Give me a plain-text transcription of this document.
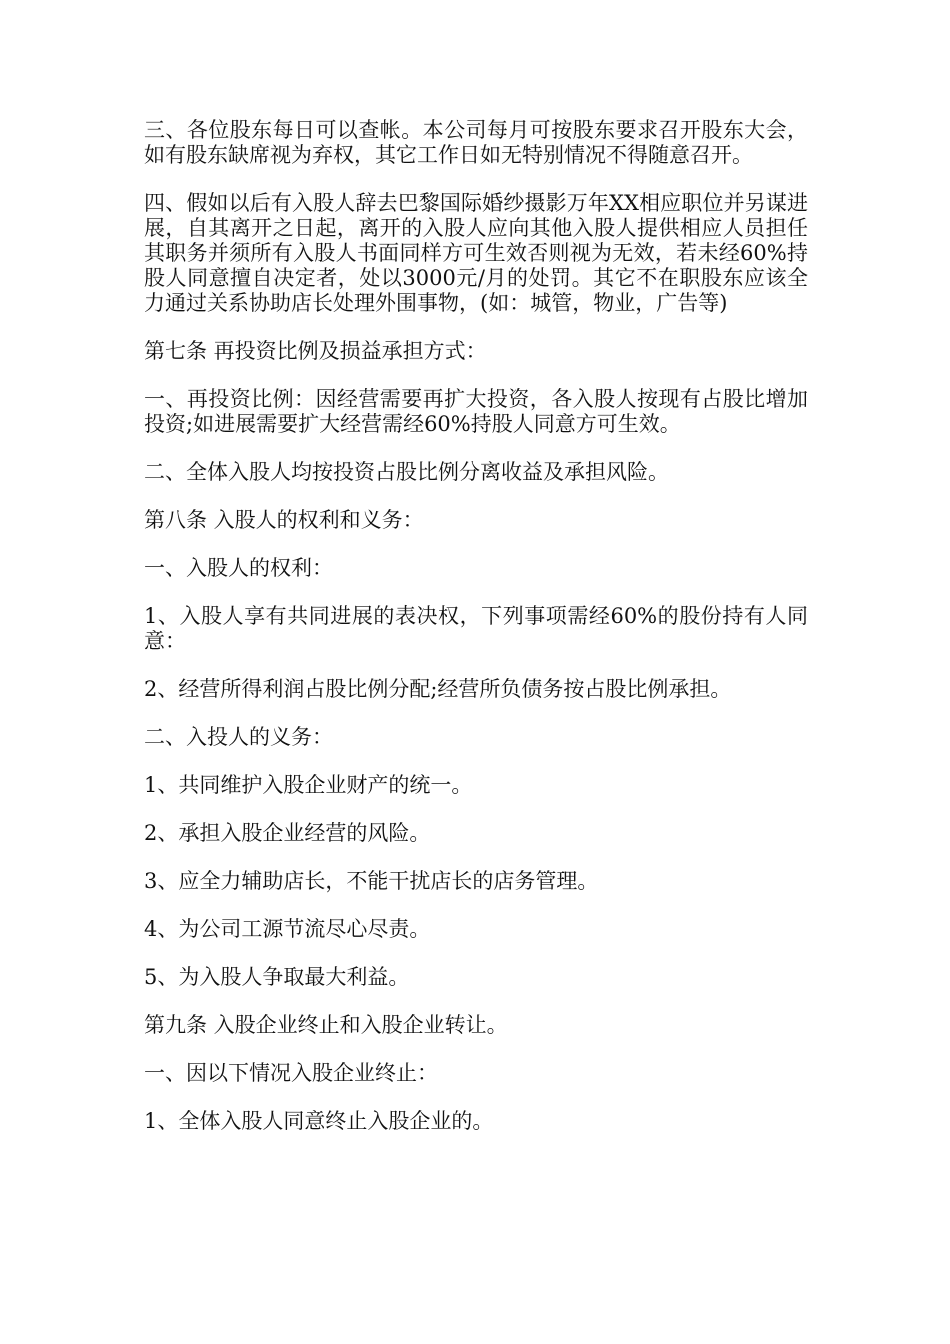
三、各位股东每日可以查帐。本公司每月可按股东要求召开股东大会，如有股东缺席视为弃权，其它工作日如无特别情况不得随意召开。

四、假如以后有入股人辞去巴黎国际婚纱摄影万年XX相应职位并另谋进展，自其离开之日起，离开的入股人应向其他入股人提供相应人员担任其职务并须所有入股人书面同样方可生效否则视为无效，若未经60%持股人同意擅自决定者，处以3000元/月的处罚。其它不在职股东应该全力通过关系协助店长处理外围事物，(如：城管，物业，广告等)

第七条 再投资比例及损益承担方式：

一、再投资比例：因经营需要再扩大投资，各入股人按现有占股比增加投资;如进展需要扩大经营需经60%持股人同意方可生效。

二、全体入股人均按投资占股比例分离收益及承担风险。

第八条 入股人的权利和义务：

一、入股人的权利：

1、入股人享有共同进展的表决权，下列事项需经60%的股份持有人同意：

2、经营所得利润占股比例分配;经营所负债务按占股比例承担。

二、入投人的义务：

1、共同维护入股企业财产的统一。

2、承担入股企业经营的风险。

3、应全力辅助店长，不能干扰店长的店务管理。

4、为公司工源节流尽心尽责。

5、为入股人争取最大利益。

第九条 入股企业终止和入股企业转让。

一、因以下情况入股企业终止：

1、全体入股人同意终止入股企业的。
